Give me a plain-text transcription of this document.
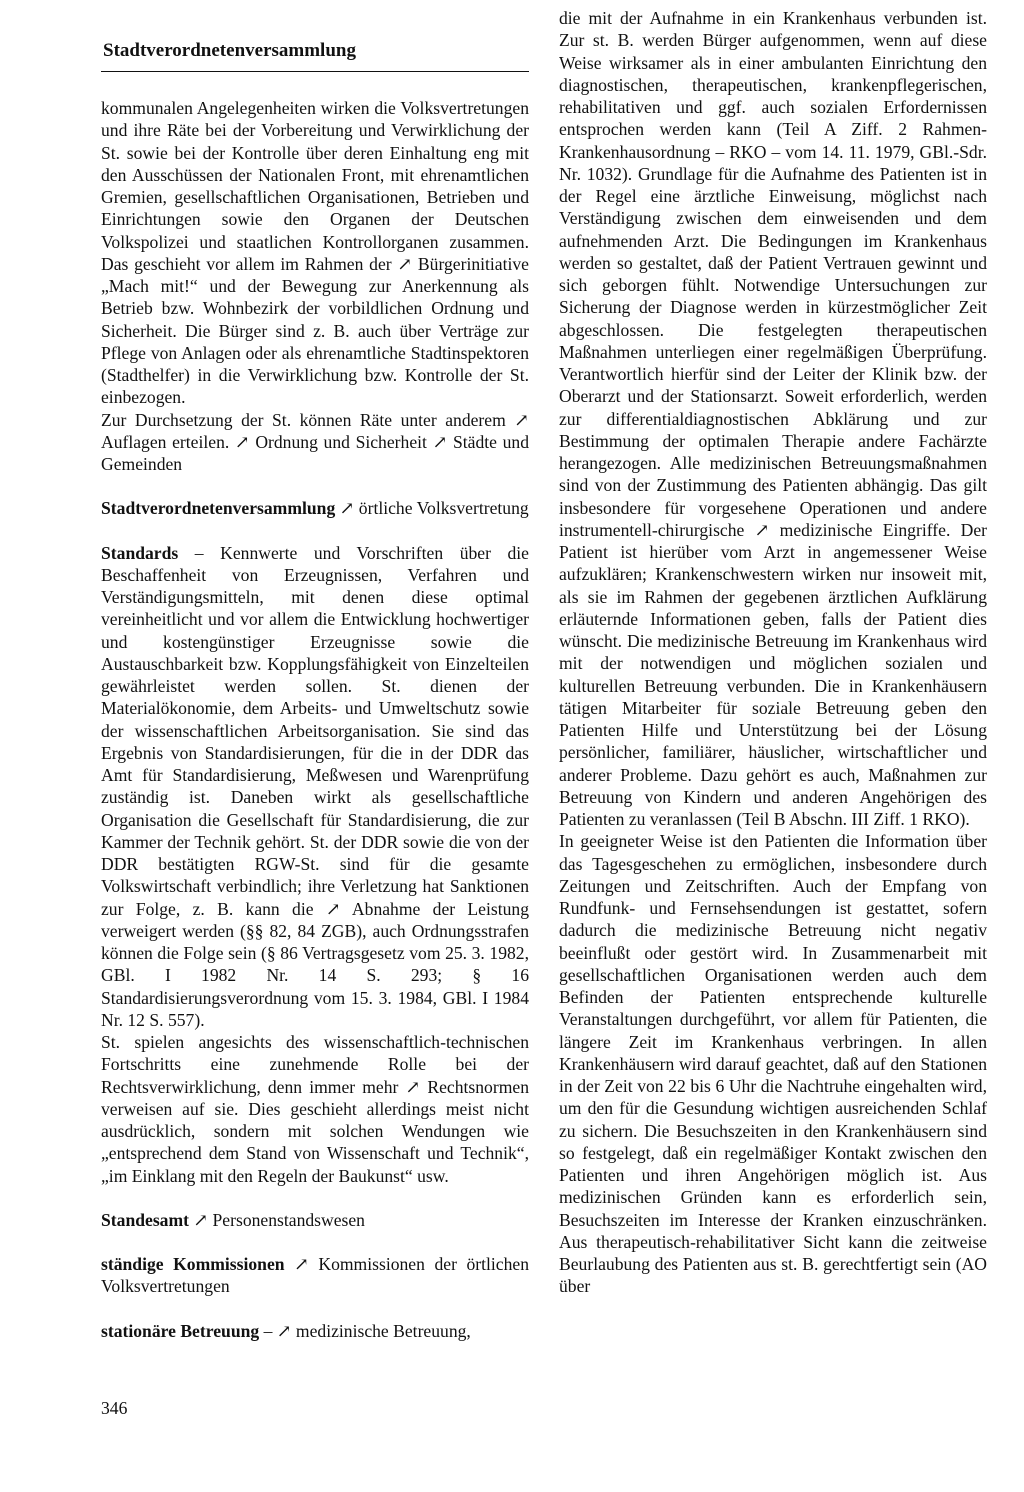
Stadtverordnetenversammlung

kommunalen Angelegenheiten wirken die Volksvertretungen und ihre Räte bei der Vorbereitung und Verwirklichung der St. sowie bei der Kontrolle über deren Einhaltung eng mit den Ausschüssen der Nationalen Front, mit ehrenamtlichen Gremien, gesellschaftlichen Organisationen, Betrieben und Einrichtungen sowie den Organen der Deutschen Volkspolizei und staatlichen Kontrollorganen zusammen. Das geschieht vor allem im Rahmen der ↗ Bürgerinitiative „Mach mit!“ und der Bewegung zur Anerkennung als Betrieb bzw. Wohnbezirk der vorbildlichen Ordnung und Sicherheit. Die Bürger sind z. B. auch über Verträge zur Pflege von Anlagen oder als ehrenamtliche Stadtinspektoren (Stadthelfer) in die Verwirklichung bzw. Kontrolle der St. einbezogen.

Zur Durchsetzung der St. können Räte unter anderem ↗ Auflagen erteilen. ↗ Ordnung und Sicherheit ↗ Städte und Gemeinden

Stadtverordnetenversammlung ↗ örtliche Volksvertretung

Standards – Kennwerte und Vorschriften über die Beschaffenheit von Erzeugnissen, Verfahren und Verständigungsmitteln, mit denen diese optimal vereinheitlicht und vor allem die Entwicklung hochwertiger und kostengünstiger Erzeugnisse sowie die Austauschbarkeit bzw. Kopplungsfähigkeit von Einzelteilen gewährleistet werden sollen. St. dienen der Materialökonomie, dem Arbeits- und Umweltschutz sowie der wissenschaftlichen Arbeitsorganisation. Sie sind das Ergebnis von Standardisierungen, für die in der DDR das Amt für Standardisierung, Meßwesen und Warenprüfung zuständig ist. Daneben wirkt als gesellschaftliche Organisation die Gesellschaft für Standardisierung, die zur Kammer der Technik gehört. St. der DDR sowie die von der DDR bestätigten RGW-St. sind für die gesamte Volkswirtschaft verbindlich; ihre Verletzung hat Sanktionen zur Folge, z. B. kann die ↗ Abnahme der Leistung verweigert werden (§§ 82, 84 ZGB), auch Ordnungsstrafen können die Folge sein (§ 86 Vertragsgesetz vom 25. 3. 1982, GBl. I 1982 Nr. 14 S. 293; § 16 Standardisierungsverordnung vom 15. 3. 1984, GBl. I 1984 Nr. 12 S. 557).

St. spielen angesichts des wissenschaftlich-technischen Fortschritts eine zunehmende Rolle bei der Rechtsverwirklichung, denn immer mehr ↗ Rechtsnormen verweisen auf sie. Dies geschieht allerdings meist nicht ausdrücklich, sondern mit solchen Wendungen wie „entsprechend dem Stand von Wissenschaft und Technik“, „im Einklang mit den Regeln der Baukunst“ usw.

Standesamt ↗ Personenstandswesen

ständige Kommissionen ↗ Kommissionen der örtlichen Volksvertretungen

stationäre Betreuung – ↗ medizinische Betreuung,

die mit der Aufnahme in ein Krankenhaus verbunden ist. Zur st. B. werden Bürger aufgenommen, wenn auf diese Weise wirksamer als in einer ambulanten Einrichtung den diagnostischen, therapeutischen, krankenpflegerischen, rehabilitativen und ggf. auch sozialen Erfordernissen entsprochen werden kann (Teil A Ziff. 2 Rahmen-Krankenhausordnung – RKO – vom 14. 11. 1979, GBl.-Sdr. Nr. 1032). Grundlage für die Aufnahme des Patienten ist in der Regel eine ärztliche Einweisung, möglichst nach Verständigung zwischen dem einweisenden und dem aufnehmenden Arzt. Die Bedingungen im Krankenhaus werden so gestaltet, daß der Patient Vertrauen gewinnt und sich geborgen fühlt. Notwendige Untersuchungen zur Sicherung der Diagnose werden in kürzestmöglicher Zeit abgeschlossen. Die festgelegten therapeutischen Maßnahmen unterliegen einer regelmäßigen Überprüfung. Verantwortlich hierfür sind der Leiter der Klinik bzw. der Oberarzt und der Stationsarzt. Soweit erforderlich, werden zur differentialdiagnostischen Abklärung und zur Bestimmung der optimalen Therapie andere Fachärzte herangezogen. Alle medizinischen Betreuungsmaßnahmen sind von der Zustimmung des Patienten abhängig. Das gilt insbesondere für vorgesehene Operationen und andere instrumentell-chirurgische ↗ medizinische Eingriffe. Der Patient ist hierüber vom Arzt in angemessener Weise aufzuklären; Krankenschwestern wirken nur insoweit mit, als sie im Rahmen der gegebenen ärztlichen Aufklärung erläuternde Informationen geben, falls der Patient dies wünscht. Die medizinische Betreuung im Krankenhaus wird mit der notwendigen und möglichen sozialen und kulturellen Betreuung verbunden. Die in Krankenhäusern tätigen Mitarbeiter für soziale Betreuung geben den Patienten Hilfe und Unterstützung bei der Lösung persönlicher, familiärer, häuslicher, wirtschaftlicher und anderer Probleme. Dazu gehört es auch, Maßnahmen zur Betreuung von Kindern und anderen Angehörigen des Patienten zu veranlassen (Teil B Abschn. III Ziff. 1 RKO).

In geeigneter Weise ist den Patienten die Information über das Tagesgeschehen zu ermöglichen, insbesondere durch Zeitungen und Zeitschriften. Auch der Empfang von Rundfunk- und Fernsehsendungen ist gestattet, sofern dadurch die medizinische Betreuung nicht negativ beeinflußt oder gestört wird. In Zusammenarbeit mit gesellschaftlichen Organisationen werden auch dem Befinden der Patienten entsprechende kulturelle Veranstaltungen durchgeführt, vor allem für Patienten, die längere Zeit im Krankenhaus verbringen. In allen Krankenhäusern wird darauf geachtet, daß auf den Stationen in der Zeit von 22 bis 6 Uhr die Nachtruhe eingehalten wird, um den für die Gesundung wichtigen ausreichenden Schlaf zu sichern. Die Besuchszeiten in den Krankenhäusern sind so festgelegt, daß ein regelmäßiger Kontakt zwischen den Patienten und ihren Angehörigen möglich ist. Aus medizinischen Gründen kann es erforderlich sein, Besuchszeiten im Interesse der Kranken einzuschränken. Aus therapeutisch-rehabilitativer Sicht kann die zeitweise Beurlaubung des Patienten aus st. B. gerechtfertigt sein (AO über

346
